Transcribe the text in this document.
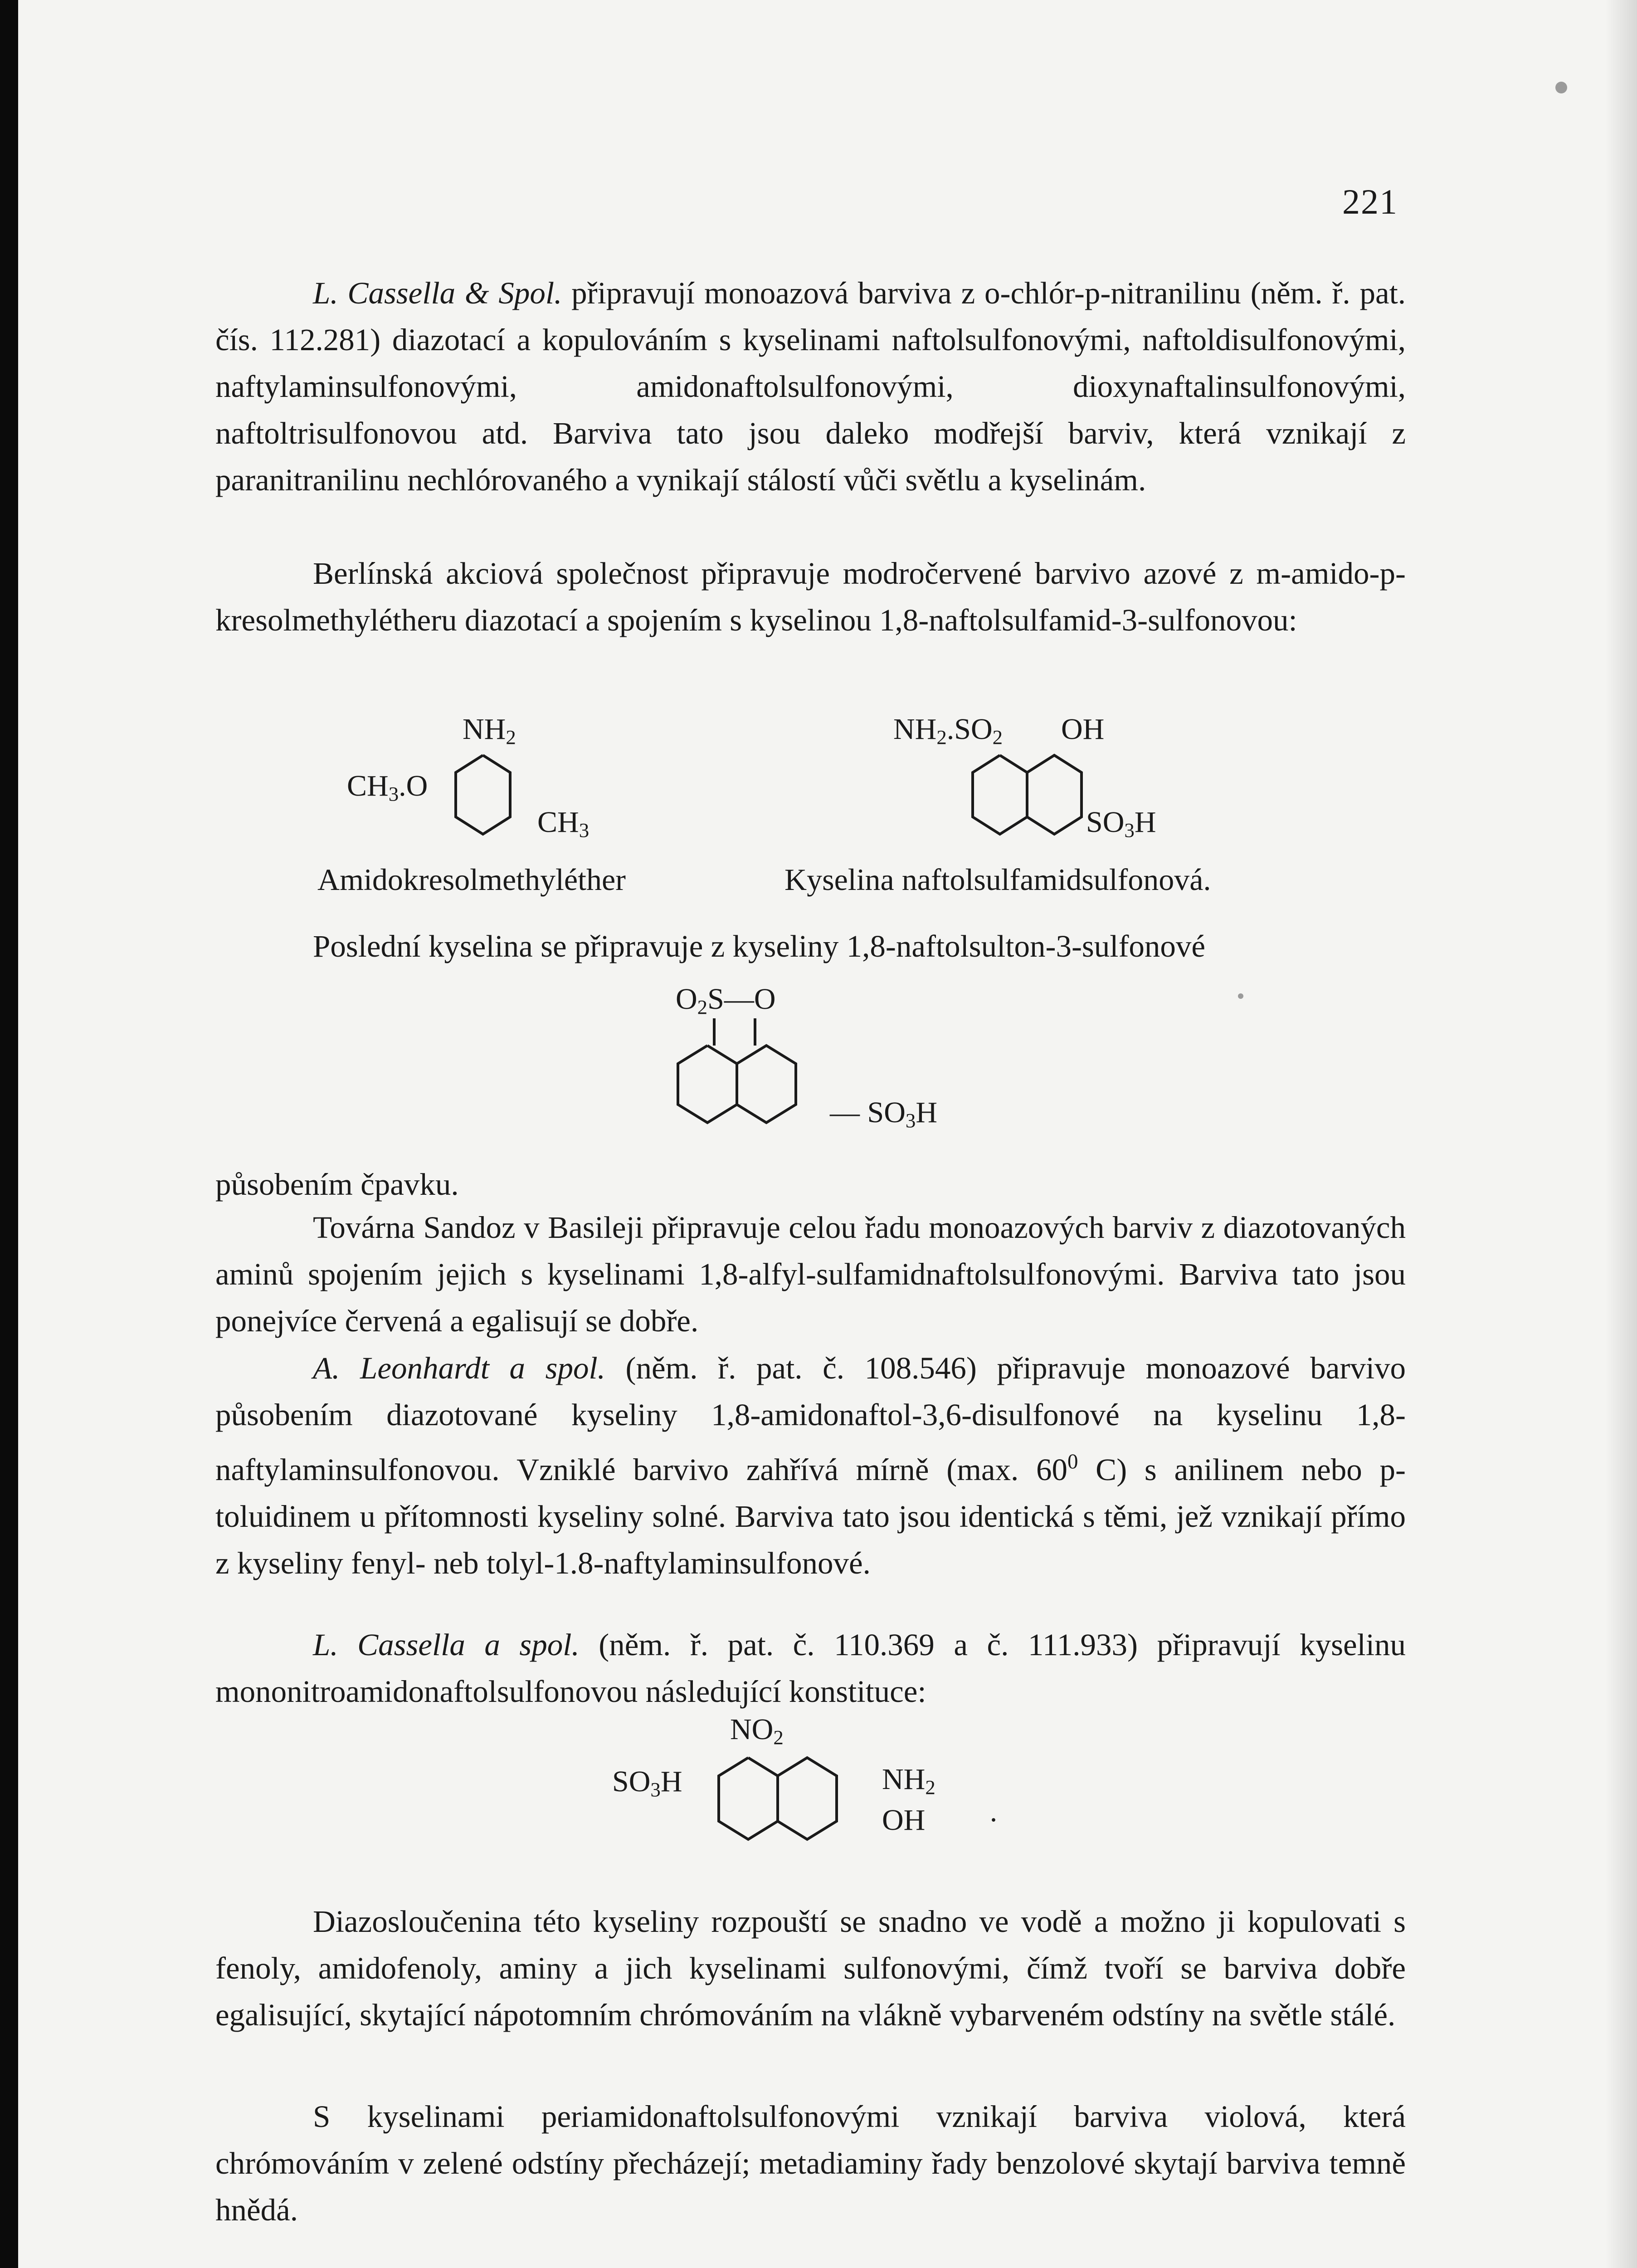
221

L. Cassella & Spol. připravují monoazová barviva z o-chlór-p-nitranilinu (něm. ř. pat. čís. 112.281) diazotací a kopulováním s kyselinami naftolsulfonovými, naftoldisulfonovými, naftylaminsulfonovými, amidonaftolsulfonovými, dioxynaftalinsulfonovými, naftoltrisulfonovou atd. Barviva tato jsou daleko modřejší barviv, která vznikají z paranitranilinu nechlórovaného a vynikají stálostí vůči světlu a kyselinám.

Berlínská akciová společnost připravuje modročervené barvivo azové z m-amido-p-kresolmethylétheru diazotací a spojením s kyselinou 1,8-naftolsulfamid-3-sulfonovou:

$NH_2$
$CH_3.O$
$CH_3$
Amidokresolmethyléther
$NH_2.SO_2$ OH
$SO_3H$
Kyselina naftolsulfamidsulfonová.

Poslední kyselina se připravuje z kyseliny 1,8-naftolsulton-3-sulfonové

$O_2S—O$
— $SO_3H$

působením čpavku.

Továrna Sandoz v Basileji připravuje celou řadu monoazových barviv z diazotovaných aminů spojením jejich s kyselinami 1,8-alfyl-sulfamidnaftolsulfonovými. Barviva tato jsou ponejvíce červená a egalisují se dobře.

A. Leonhardt a spol. (něm. ř. pat. č. 108.546) připravuje monoazové barvivo působením diazotované kyseliny 1,8-amidonaftol-3,6-disulfonové na kyselinu 1,8-naftylaminsulfonovou. Vzniklé barvivo zahřívá mírně (max. $60^0$ C) s anilinem nebo p-toluidinem u přítomnosti kyseliny solné. Barviva tato jsou identická s těmi, jež vznikají přímo z kyseliny fenyl- neb tolyl-1.8-naftylaminsulfonové.

L. Cassella a spol. (něm. ř. pat. č. 110.369 a č. 111.933) připravují kyselinu mononitroamidonaftolsulfonovou následující konstituce:

$NO_2$
$SO_3H$	$NH_2$
OH ·

Diazosloučenina této kyseliny rozpouští se snadno ve vodě a možno ji kopulovati s fenoly, amidofenoly, aminy a jich kyselinami sulfonovými, čímž tvoří se barviva dobře egalisující, skytající nápotomním chrómováním na vlákně vybarveném odstíny na světle stálé.

S kyselinami periamidonaftolsulfonovými vznikají barviva violová, která chrómováním v zelené odstíny přecházejí; metadiaminy řady benzolové skytají barviva temně hnědá.
